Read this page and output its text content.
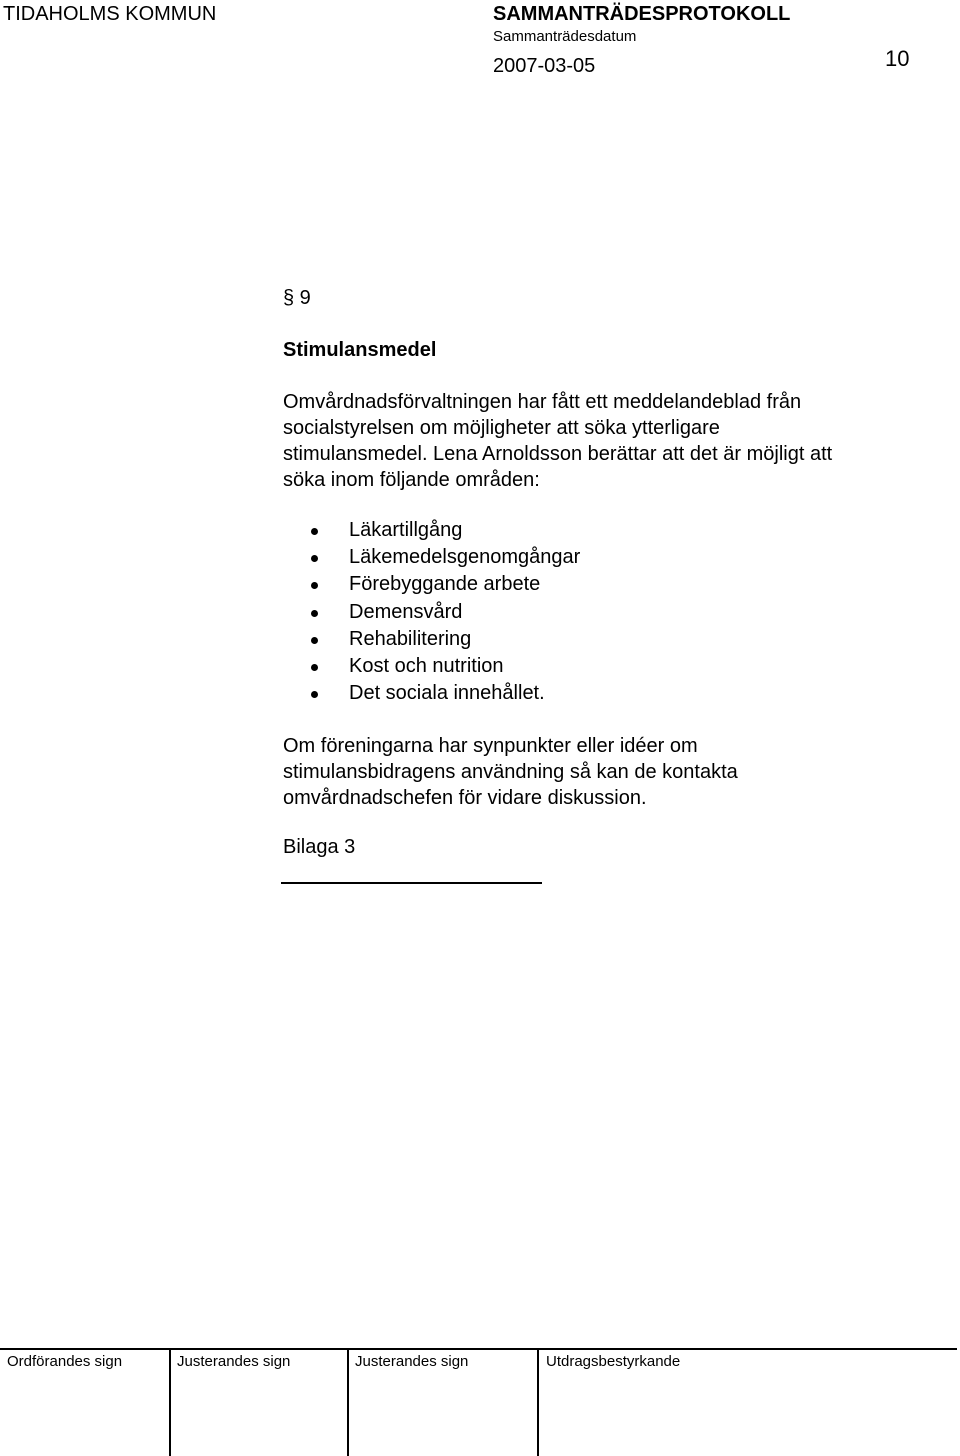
TIDAHOLMS KOMMUN	SAMMANTRÄDESPROTOKOLL
Sammanträdesdatum
2007-03-05	10
§ 9
Stimulansmedel
Omvårdnadsförvaltningen har fått ett meddelandeblad från socialstyrelsen om möjligheter att söka ytterligare stimulansmedel. Lena Arnoldsson berättar att det är möjligt att söka inom följande områden:
Läkartillgång
Läkemedelsgenomgångar
Förebyggande arbete
Demensvård
Rehabilitering
Kost och nutrition
Det sociala innehållet.
Om föreningarna har synpunkter eller idéer om stimulansbidragens användning så kan de kontakta omvårdnadschefen för vidare diskussion.
Bilaga 3
Ordförandes sign	Justerandes sign	Justerandes sign	Utdragsbestyrkande
